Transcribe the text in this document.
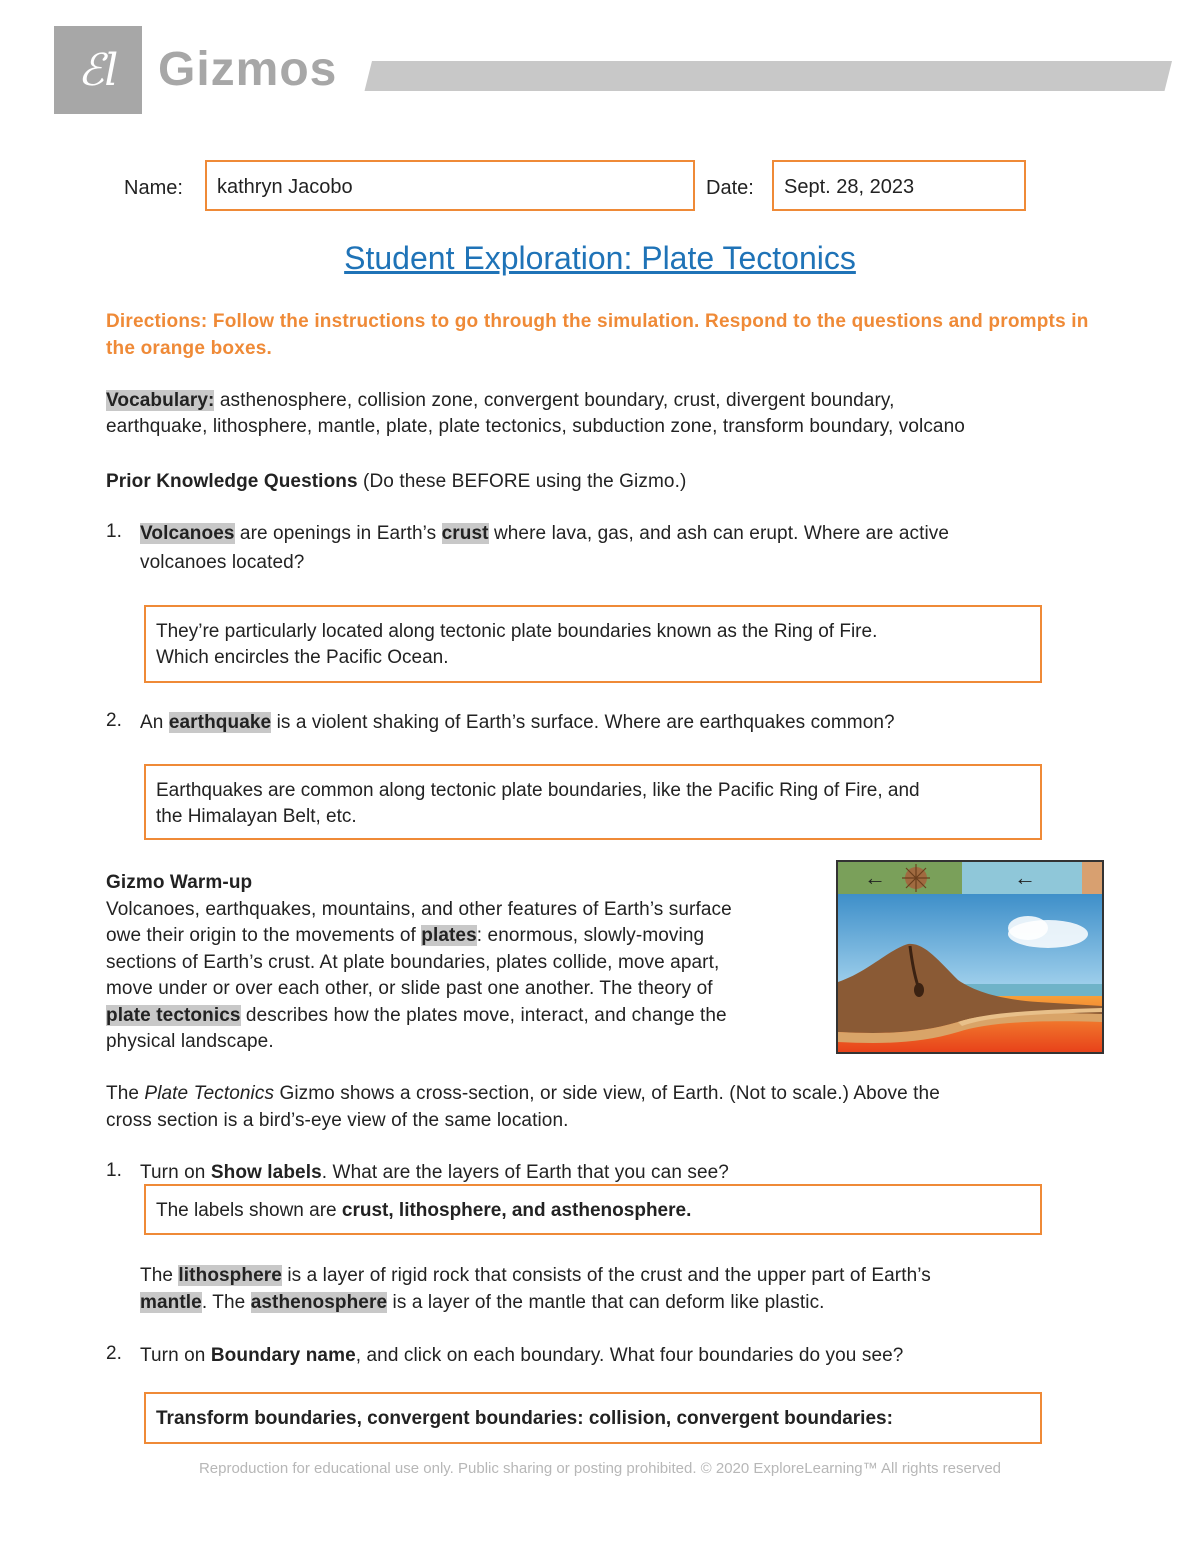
ℰl Gizmos
Name:	kathryn Jacobo	Date:	Sept. 28, 2023
Student Exploration: Plate Tectonics
Directions: Follow the instructions to go through the simulation. Respond to the questions and prompts in the orange boxes.
Vocabulary: asthenosphere, collision zone, convergent boundary, crust, divergent boundary,
earthquake, lithosphere, mantle, plate, plate tectonics, subduction zone, transform boundary, volcano
Prior Knowledge Questions (Do these BEFORE using the Gizmo.)
1. Volcanoes are openings in Earth’s crust where lava, gas, and ash can erupt. Where are active
volcanoes located?
They’re particularly located along tectonic plate boundaries known as the Ring of Fire.
Which encircles the Pacific Ocean.
2. An earthquake is a violent shaking of Earth’s surface. Where are earthquakes common?
Earthquakes are common along tectonic plate boundaries, like the Pacific Ring of Fire, and
the Himalayan Belt, etc.
Gizmo Warm-up
Volcanoes, earthquakes, mountains, and other features of Earth’s surface
owe their origin to the movements of plates: enormous, slowly-moving
sections of Earth’s crust. At plate boundaries, plates collide, move apart,
move under or over each other, or slide past one another. The theory of
plate tectonics describes how the plates move, interact, and change the
physical landscape.
←	←
The Plate Tectonics Gizmo shows a cross-section, or side view, of Earth. (Not to scale.) Above the
cross section is a bird’s-eye view of the same location.
1. Turn on Show labels. What are the layers of Earth that you can see?
The labels shown are crust, lithosphere, and asthenosphere.
The lithosphere is a layer of rigid rock that consists of the crust and the upper part of Earth’s
mantle. The asthenosphere is a layer of the mantle that can deform like plastic.
2. Turn on Boundary name, and click on each boundary. What four boundaries do you see?
Transform boundaries, convergent boundaries: collision, convergent boundaries:
Reproduction for educational use only. Public sharing or posting prohibited. © 2020 ExploreLearning™ All rights reserved
